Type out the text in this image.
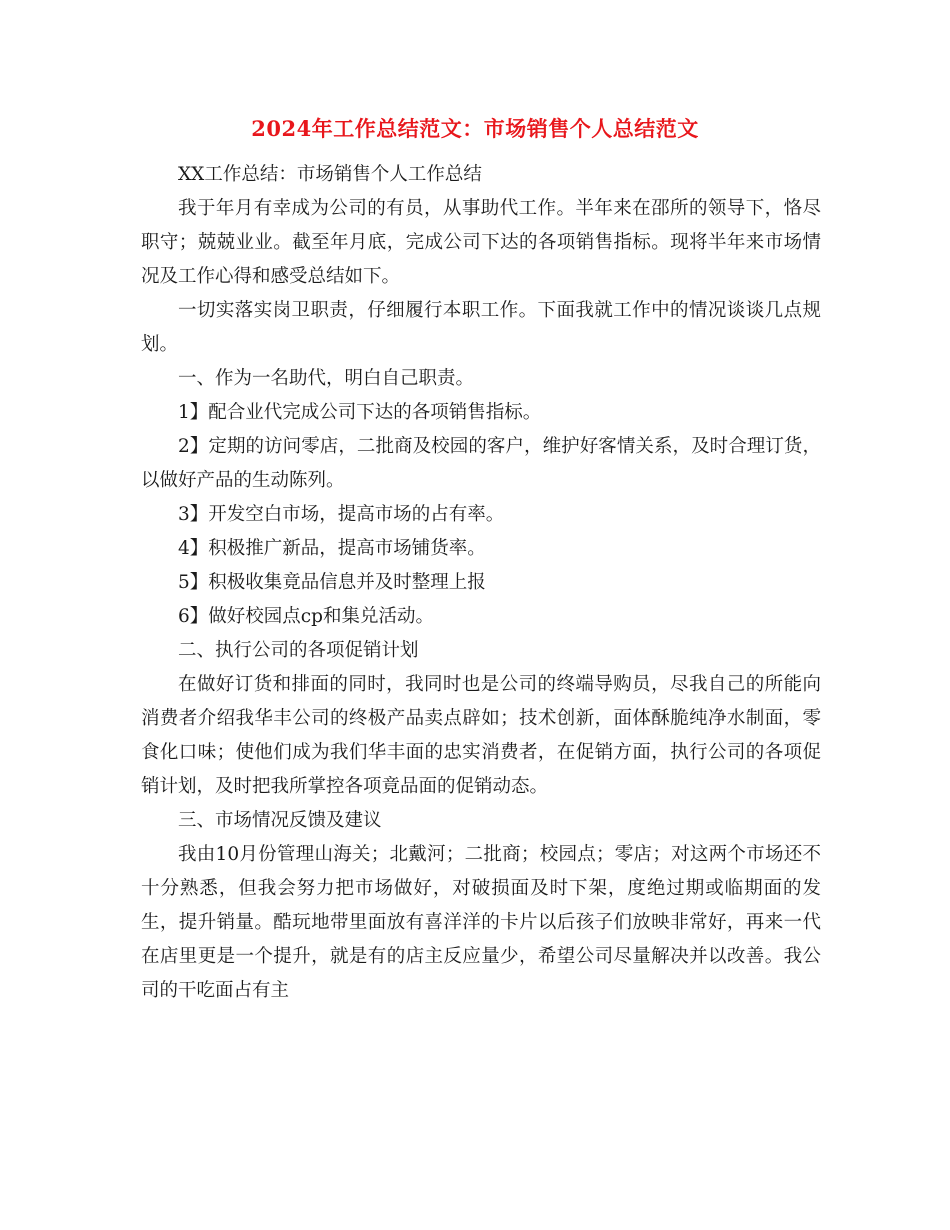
2024年工作总结范文：市场销售个人总结范文

XX工作总结：市场销售个人工作总结

我于年月有幸成为公司的有员，从事助代工作。半年来在邵所的领导下，恪尽职守；兢兢业业。截至年月底，完成公司下达的各项销售指标。现将半年来市场情况及工作心得和感受总结如下。

一切实落实岗卫职责，仔细履行本职工作。下面我就工作中的情况谈谈几点规划。

一、作为一名助代，明白自己职责。

1】配合业代完成公司下达的各项销售指标。

2】定期的访问零店，二批商及校园的客户，维护好客情关系，及时合理订货，以做好产品的生动陈列。

3】开发空白市场，提高市场的占有率。

4】积极推广新品，提高市场铺货率。

5】积极收集竟品信息并及时整理上报

6】做好校园点cp和集兑活动。

二、执行公司的各项促销计划

在做好订货和排面的同时，我同时也是公司的终端导购员，尽我自己的所能向消费者介绍我华丰公司的终极产品卖点辟如；技术创新，面体酥脆纯净水制面，零食化口味；使他们成为我们华丰面的忠实消费者，在促销方面，执行公司的各项促销计划，及时把我所掌控各项竟品面的促销动态。

三、市场情况反馈及建议

我由10月份管理山海关；北戴河；二批商；校园点；零店；对这两个市场还不十分熟悉，但我会努力把市场做好，对破损面及时下架，度绝过期或临期面的发生，提升销量。酷玩地带里面放有喜洋洋的卡片以后孩子们放映非常好，再来一代在店里更是一个提升，就是有的店主反应量少，希望公司尽量解决并以改善。我公司的干吃面占有主
